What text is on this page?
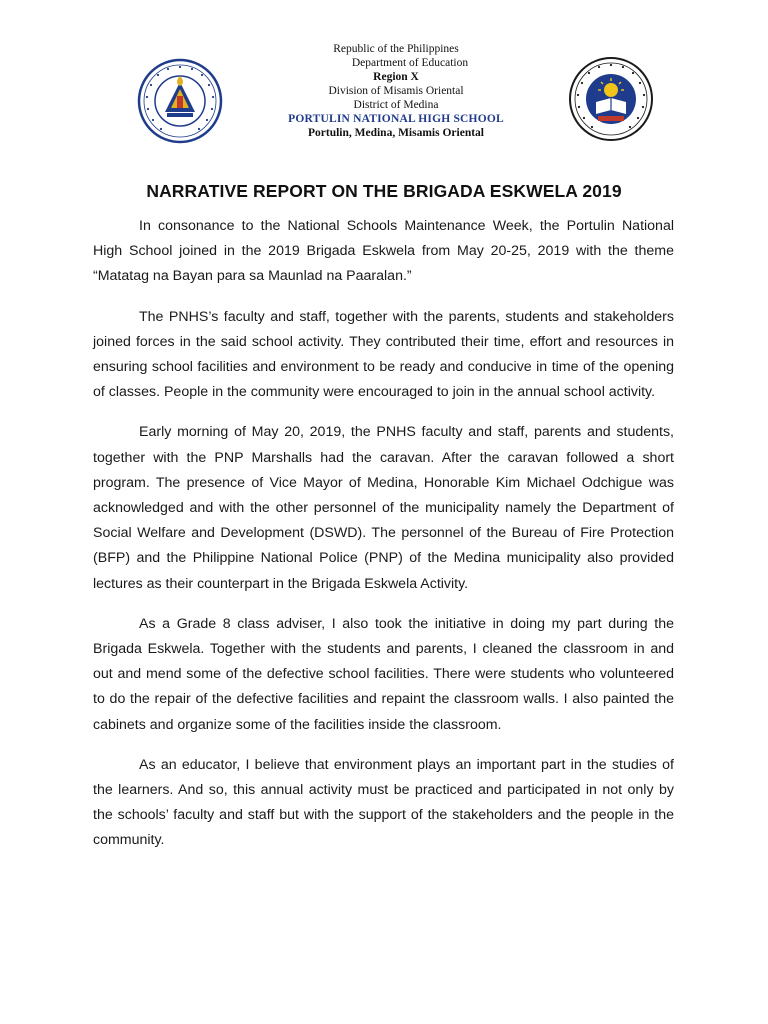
Republic of the Philippines
Department of Education
Region X
Division of Misamis Oriental
District of Medina
PORTULIN NATIONAL HIGH SCHOOL
Portulin, Medina, Misamis Oriental
NARRATIVE REPORT ON THE BRIGADA ESKWELA 2019

In consonance to the National Schools Maintenance Week, the Portulin National High School joined in the 2019 Brigada Eskwela from May 20-25, 2019 with the theme “Matatag na Bayan para sa Maunlad na Paaralan.”

The PNHS’s faculty and staff, together with the parents, students and stakeholders joined forces in the said school activity. They contributed their time, effort and resources in ensuring school facilities and environment to be ready and conducive in time of the opening of classes. People in the community were encouraged to join in the annual school activity.

Early morning of May 20, 2019, the PNHS faculty and staff, parents and students, together with the PNP Marshalls had the caravan. After the caravan followed a short program. The presence of Vice Mayor of Medina, Honorable Kim Michael Odchigue was acknowledged and with the other personnel of the municipality namely the Department of Social Welfare and Development (DSWD). The personnel of the Bureau of Fire Protection (BFP) and the Philippine National Police (PNP) of the Medina municipality also provided lectures as their counterpart in the Brigada Eskwela Activity.

As a Grade 8 class adviser, I also took the initiative in doing my part during the Brigada Eskwela. Together with the students and parents, I cleaned the classroom in and out and mend some of the defective school facilities. There were students who volunteered to do the repair of the defective facilities and repaint the classroom walls. I also painted the cabinets and organize some of the facilities inside the classroom.

As an educator, I believe that environment plays an important part in the studies of the learners. And so, this annual activity must be practiced and participated in not only by the schools’ faculty and staff but with the support of the stakeholders and the people in the community.
